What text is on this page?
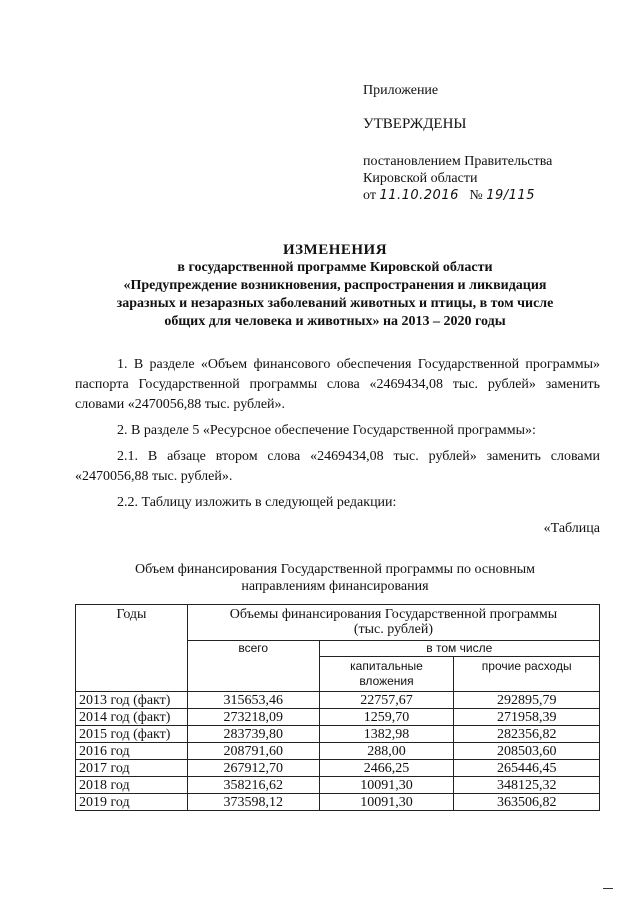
Приложение
УТВЕРЖДЕНЫ
постановлением Правительства
Кировской области
от 11.10.2016 № 19/115
ИЗМЕНЕНИЯ
в государственной программе Кировской области
«Предупреждение возникновения, распространения и ликвидация
заразных и незаразных заболеваний животных и птицы, в том числе
общих для человека и животных» на 2013 – 2020 годы

1. В разделе «Объем финансового обеспечения Государственной программы» паспорта Государственной программы слова «2469434,08 тыс. рублей» заменить словами «2470056,88 тыс. рублей».

2. В разделе 5 «Ресурсное обеспечение Государственной программы»:

2.1. В абзаце втором слова «2469434,08 тыс. рублей» заменить словами «2470056,88 тыс. рублей».

2.2. Таблицу изложить в следующей редакции:

«Таблица

Объем финансирования Государственной программы по основным
направлениям финансирования
Годы	Объемы финансирования Государственной программы
(тыс. рублей)		

	всего	в том числе	
		капитальные вложения	прочие расходы
2013 год (факт)	315653,46	22757,67	292895,79
2014 год (факт)	273218,09	1259,70	271958,39
2015 год (факт)	283739,80	1382,98	282356,82
2016 год	208791,60	288,00	208503,60
2017 год	267912,70	2466,25	265446,45
2018 год	358216,62	10091,30	348125,32
2019 год	373598,12	10091,30	363506,82
